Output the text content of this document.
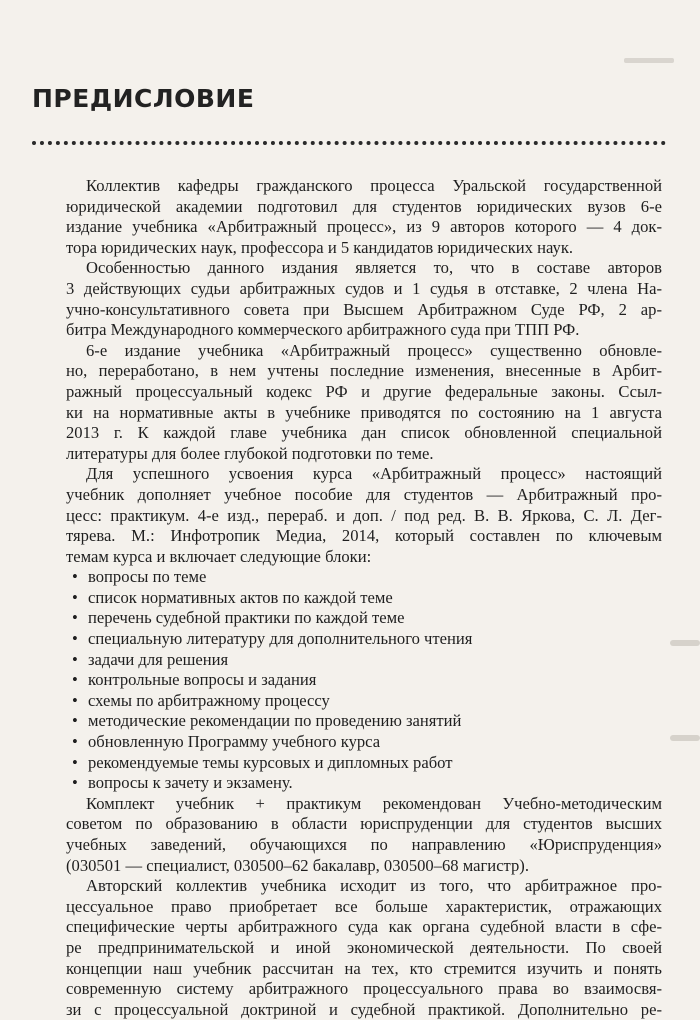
ПРЕДИСЛОВИЕ

Коллектив кафедры гражданского процесса Уральской государственной
юридической академии подготовил для студентов юридических вузов 6-е
издание учебника «Арбитражный процесс», из 9 авторов которого — 4 док-
тора юридических наук, профессора и 5 кандидатов юридических наук.

Особенностью данного издания является то, что в составе авторов
3 действующих судьи арбитражных судов и 1 судья в отставке, 2 члена На-
учно-консультативного совета при Высшем Арбитражном Суде РФ, 2 ар-
битра Международного коммерческого арбитражного суда при ТПП РФ.

6-е издание учебника «Арбитражный процесс» существенно обновле-
но, переработано, в нем учтены последние изменения, внесенные в Арбит-
ражный процессуальный кодекс РФ и другие федеральные законы. Ссыл-
ки на нормативные акты в учебнике приводятся по состоянию на 1 августа
2013 г. К каждой главе учебника дан список обновленной специальной
литературы для более глубокой подготовки по теме.

Для успешного усвоения курса «Арбитражный процесс» настоящий
учебник дополняет учебное пособие для студентов — Арбитражный про-
цесс: практикум. 4-е изд., перераб. и доп. / под ред. В. В. Яркова, С. Л. Дег-
тярева. М.: Инфотропик Медиа, 2014, который составлен по ключевым
темам курса и включает следующие блоки:

• вопросы по теме
• список нормативных актов по каждой теме
• перечень судебной практики по каждой теме
• специальную литературу для дополнительного чтения
• задачи для решения
• контрольные вопросы и задания
• схемы по арбитражному процессу
• методические рекомендации по проведению занятий
• обновленную Программу учебного курса
• рекомендуемые темы курсовых и дипломных работ
• вопросы к зачету и экзамену.

Комплект учебник + практикум рекомендован Учебно-методическим
советом по образованию в области юриспруденции для студентов высших
учебных заведений, обучающихся по направлению «Юриспруденция»
(030501 — специалист, 030500–62 бакалавр, 030500–68 магистр).

Авторский коллектив учебника исходит из того, что арбитражное про-
цессуальное право приобретает все больше характеристик, отражающих
специфические черты арбитражного суда как органа судебной власти в сфе-
ре предпринимательской и иной экономической деятельности. По своей
концепции наш учебник рассчитан на тех, кто стремится изучить и понять
современную систему арбитражного процессуального права во взаимосвя-
зи с процессуальной доктриной и судебной практикой. Дополнительно ре-
